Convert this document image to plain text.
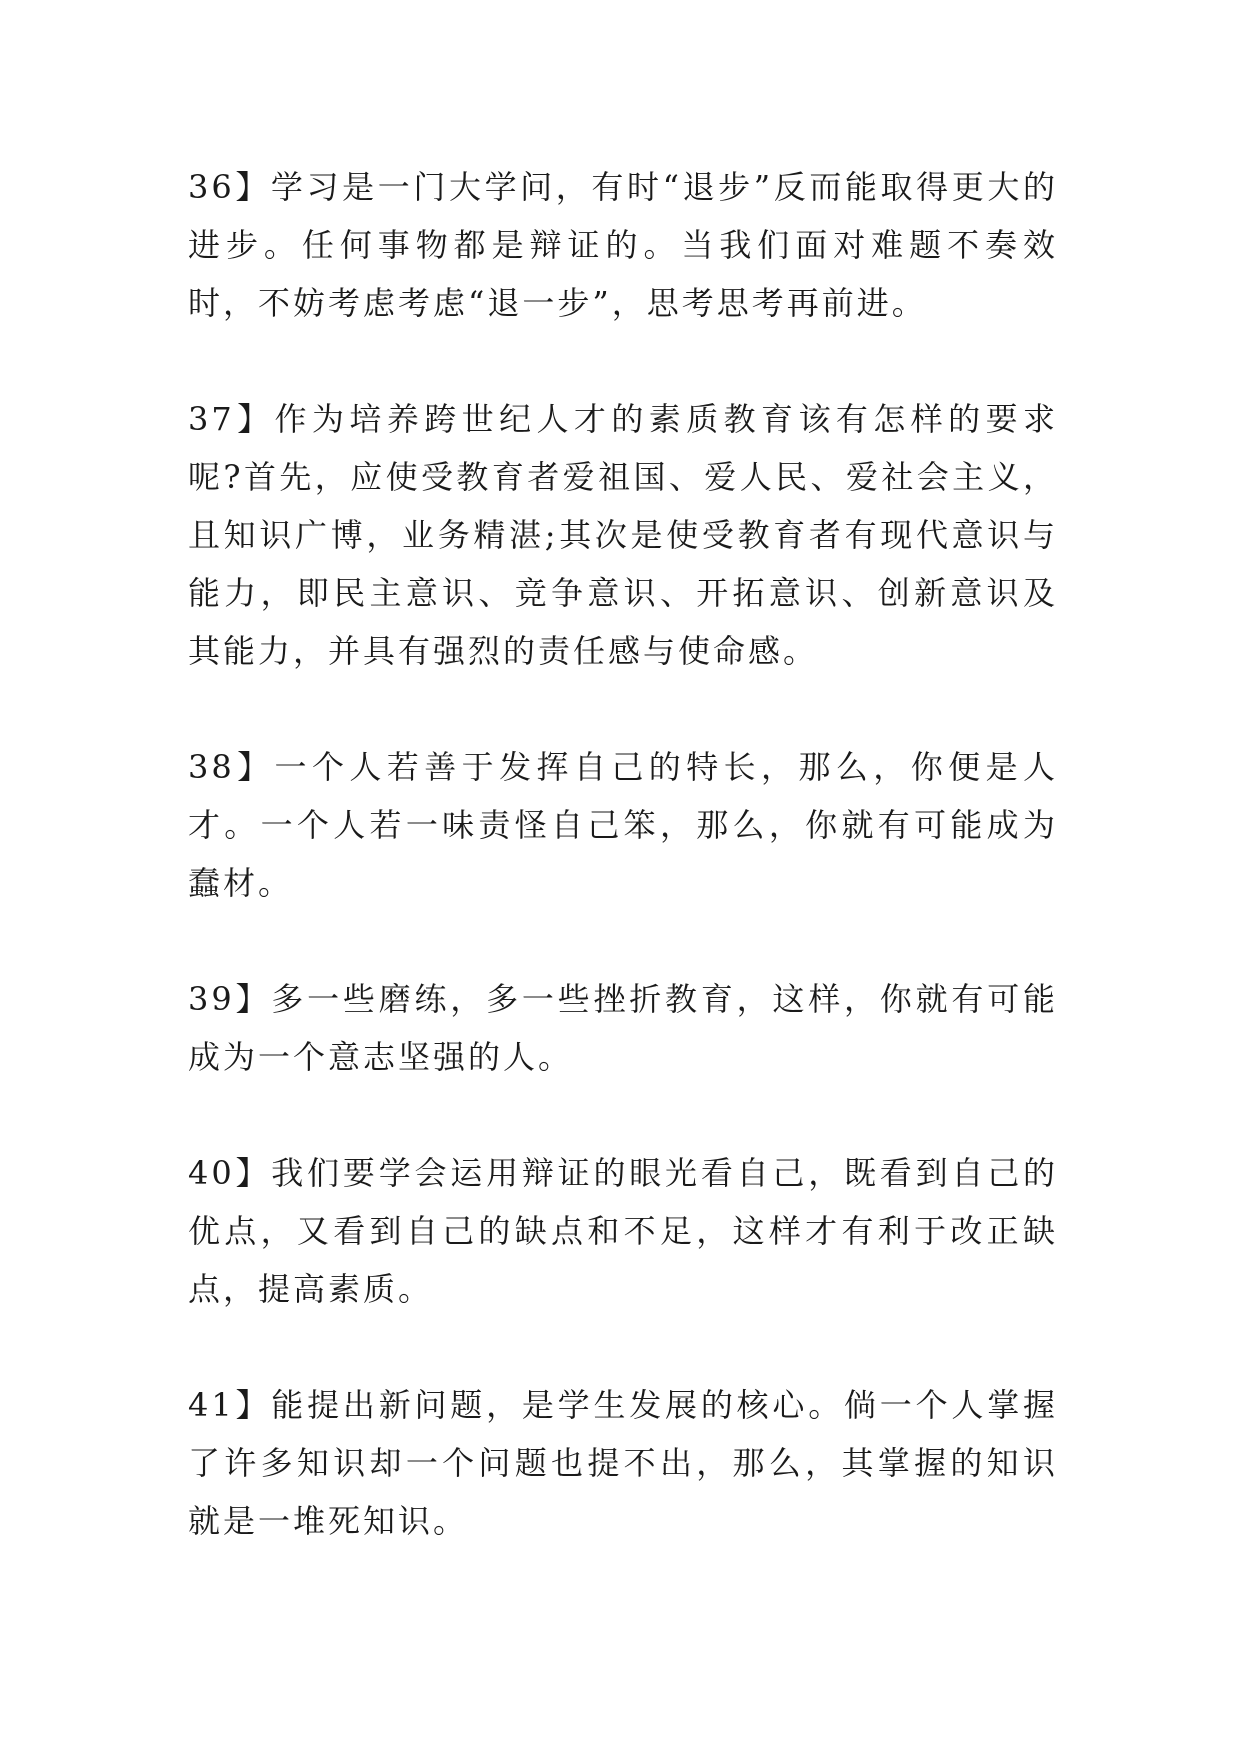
36】学习是一门大学问，有时“退步”反而能取得更大的进步。任何事物都是辩证的。当我们面对难题不奏效时，不妨考虑考虑“退一步”，思考思考再前进。

37】作为培养跨世纪人才的素质教育该有怎样的要求呢?首先，应使受教育者爱祖国、爱人民、爱社会主义，且知识广博，业务精湛;其次是使受教育者有现代意识与能力，即民主意识、竞争意识、开拓意识、创新意识及其能力，并具有强烈的责任感与使命感。

38】一个人若善于发挥自己的特长，那么，你便是人才。一个人若一味责怪自己笨，那么，你就有可能成为蠢材。

39】多一些磨练，多一些挫折教育，这样，你就有可能成为一个意志坚强的人。

40】我们要学会运用辩证的眼光看自己，既看到自己的优点，又看到自己的缺点和不足，这样才有利于改正缺点，提高素质。

41】能提出新问题，是学生发展的核心。倘一个人掌握了许多知识却一个问题也提不出，那么，其掌握的知识就是一堆死知识。
